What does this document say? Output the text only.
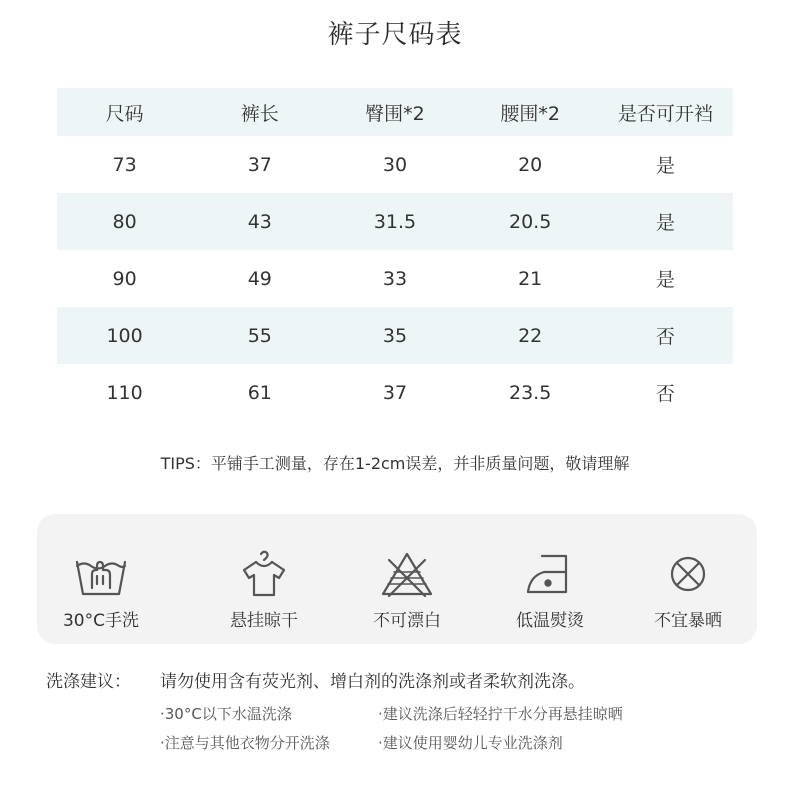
裤子尺码表
尺码	裤长	臀围*2	腰围*2	是否可开裆
73	37	30	20	是
80	43	31.5	20.5	是
90	49	33	21	是
100	55	35	22	否
110	61	37	23.5	否
TIPS：平铺手工测量，存在1-2cm误差，并非质量问题，敬请理解
30°C手洗	悬挂晾干	不可漂白	低温熨烫	不宜暴晒
洗涤建议： 请勿使用含有荧光剂、增白剂的洗涤剂或者柔软剂洗涤。
·30°C以下水温洗涤	·建议洗涤后轻轻拧干水分再悬挂晾晒
·注意与其他衣物分开洗涤	·建议使用婴幼儿专业洗涤剂
